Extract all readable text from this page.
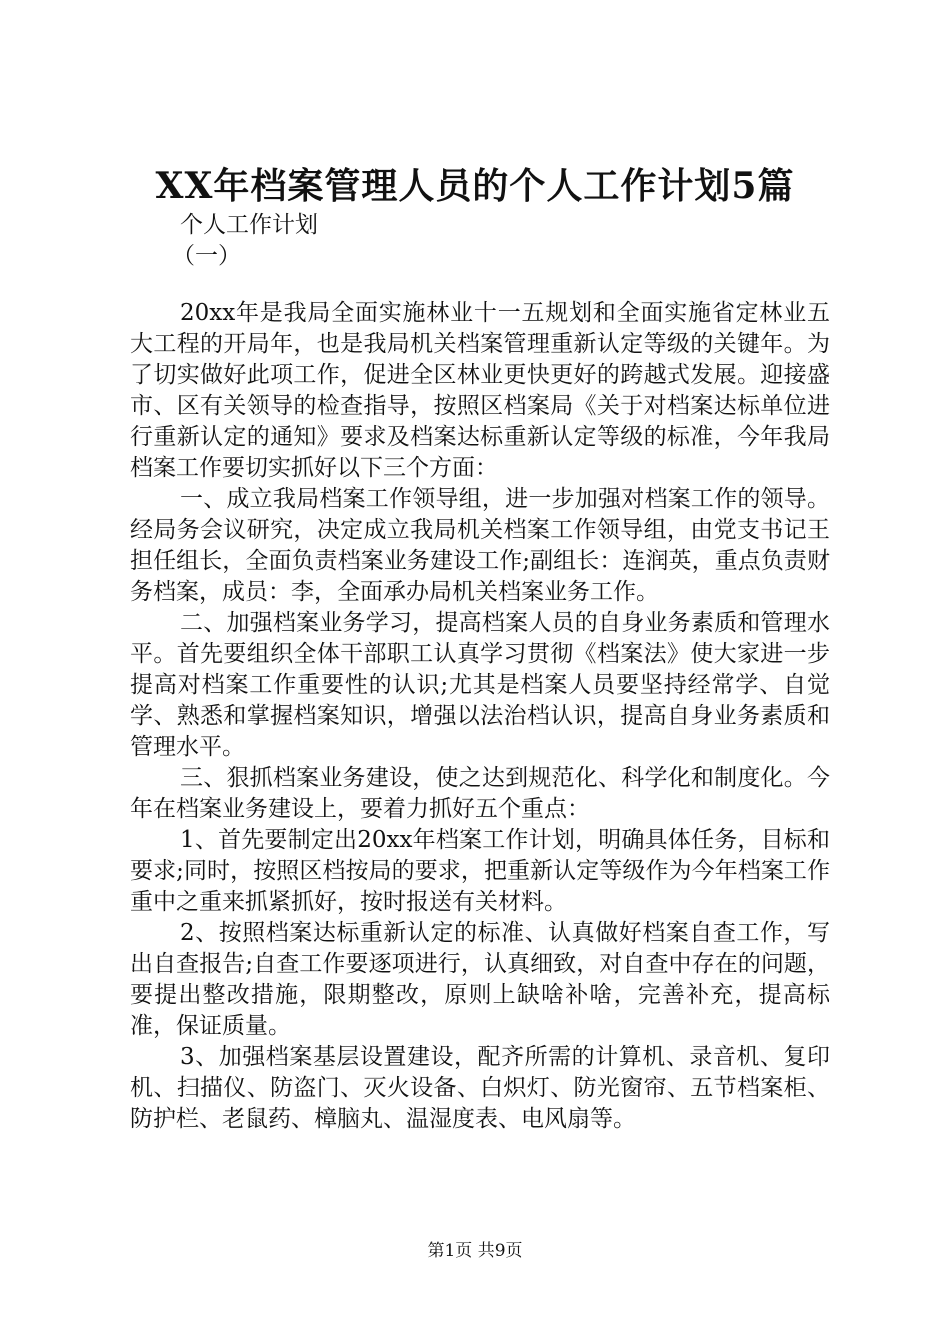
XX年档案管理人员的个人工作计划5篇
个人工作计划
（一）

20xx年是我局全面实施林业十一五规划和全面实施省定林业五大工程的开局年，也是我局机关档案管理重新认定等级的关键年。为了切实做好此项工作，促进全区林业更快更好的跨越式发展。迎接盛市、区有关领导的检查指导，按照区档案局《关于对档案达标单位进行重新认定的通知》要求及档案达标重新认定等级的标准，今年我局档案工作要切实抓好以下三个方面：

一、成立我局档案工作领导组，进一步加强对档案工作的领导。经局务会议研究，决定成立我局机关档案工作领导组，由党支书记王担任组长，全面负责档案业务建设工作;副组长：连润英，重点负责财务档案，成员：李，全面承办局机关档案业务工作。

二、加强档案业务学习，提高档案人员的自身业务素质和管理水平。首先要组织全体干部职工认真学习贯彻《档案法》使大家进一步提高对档案工作重要性的认识;尤其是档案人员要坚持经常学、自觉学、熟悉和掌握档案知识，增强以法治档认识，提高自身业务素质和管理水平。

三、狠抓档案业务建设，使之达到规范化、科学化和制度化。今年在档案业务建设上，要着力抓好五个重点：

1、首先要制定出20xx年档案工作计划，明确具体任务，目标和要求;同时，按照区档按局的要求，把重新认定等级作为今年档案工作重中之重来抓紧抓好，按时报送有关材料。

2、按照档案达标重新认定的标准、认真做好档案自查工作，写出自查报告;自查工作要逐项进行，认真细致，对自查中存在的问题，要提出整改措施，限期整改，原则上缺啥补啥，完善补充，提高标准，保证质量。

3、加强档案基层设置建设，配齐所需的计算机、录音机、复印机、扫描仪、防盗门、灭火设备、白炽灯、防光窗帘、五节档案柜、防护栏、老鼠药、樟脑丸、温湿度表、电风扇等。

第1页 共9页
